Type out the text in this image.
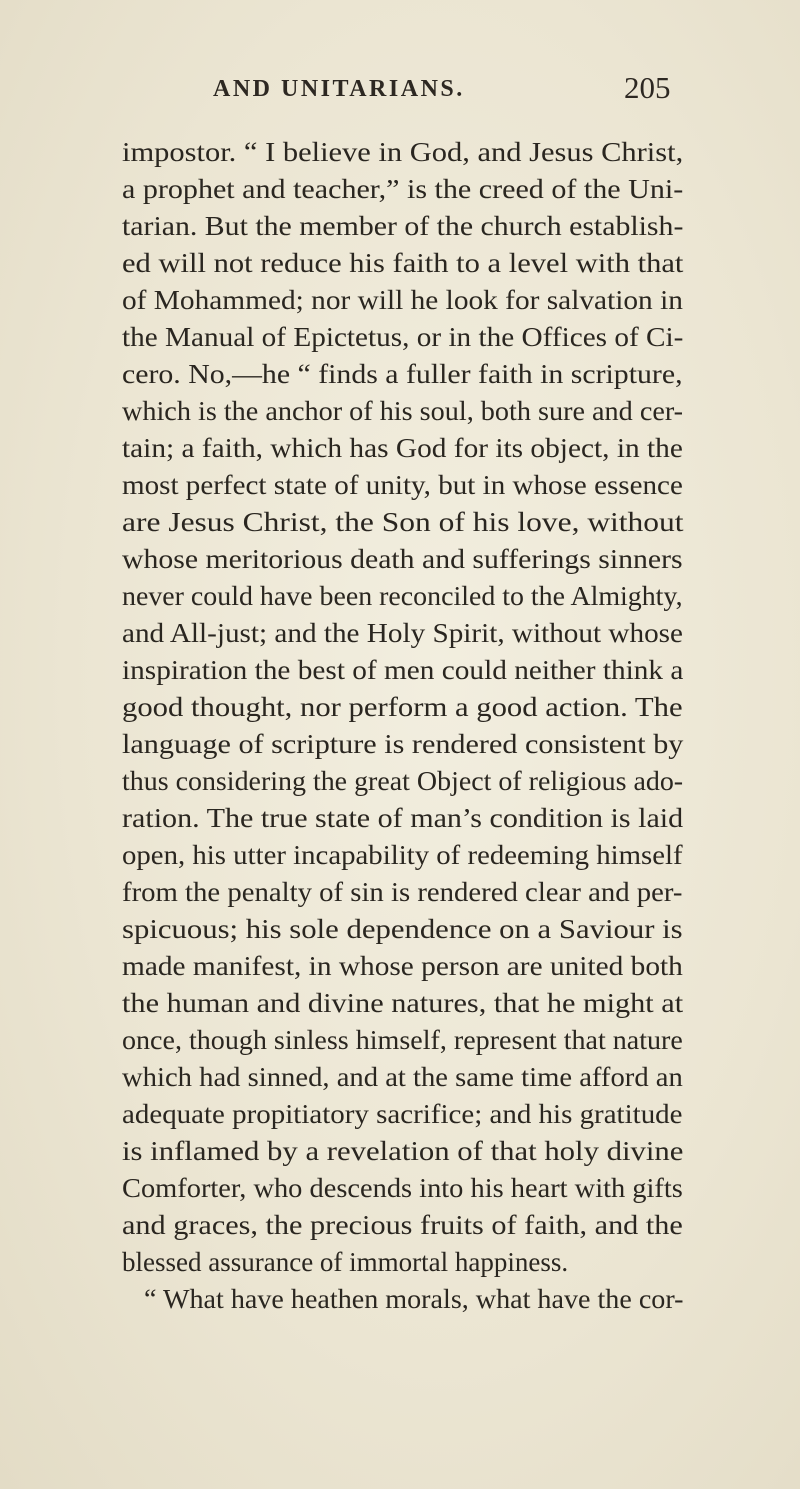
AND UNITARIANS.	205
impostor. “ I believe in God, and Jesus Christ,
a prophet and teacher,” is the creed of the Uni-
tarian. But the member of the church establish-
ed will not reduce his faith to a level with that
of Mohammed; nor will he look for salvation in
the Manual of Epictetus, or in the Offices of Ci-
cero. No,—he “ finds a fuller faith in scripture,
which is the anchor of his soul, both sure and cer-
tain; a faith, which has God for its object, in the
most perfect state of unity, but in whose essence
are Jesus Christ, the Son of his love, without
whose meritorious death and sufferings sinners
never could have been reconciled to the Almighty,
and All-just; and the Holy Spirit, without whose
inspiration the best of men could neither think a
good thought, nor perform a good action. The
language of scripture is rendered consistent by
thus considering the great Object of religious ado-
ration. The true state of man’s condition is laid
open, his utter incapability of redeeming himself
from the penalty of sin is rendered clear and per-
spicuous; his sole dependence on a Saviour is
made manifest, in whose person are united both
the human and divine natures, that he might at
once, though sinless himself, represent that nature
which had sinned, and at the same time afford an
adequate propitiatory sacrifice; and his gratitude
is inflamed by a revelation of that holy divine
Comforter, who descends into his heart with gifts
and graces, the precious fruits of faith, and the
blessed assurance of immortal happiness.
“ What have heathen morals, what have the cor-
